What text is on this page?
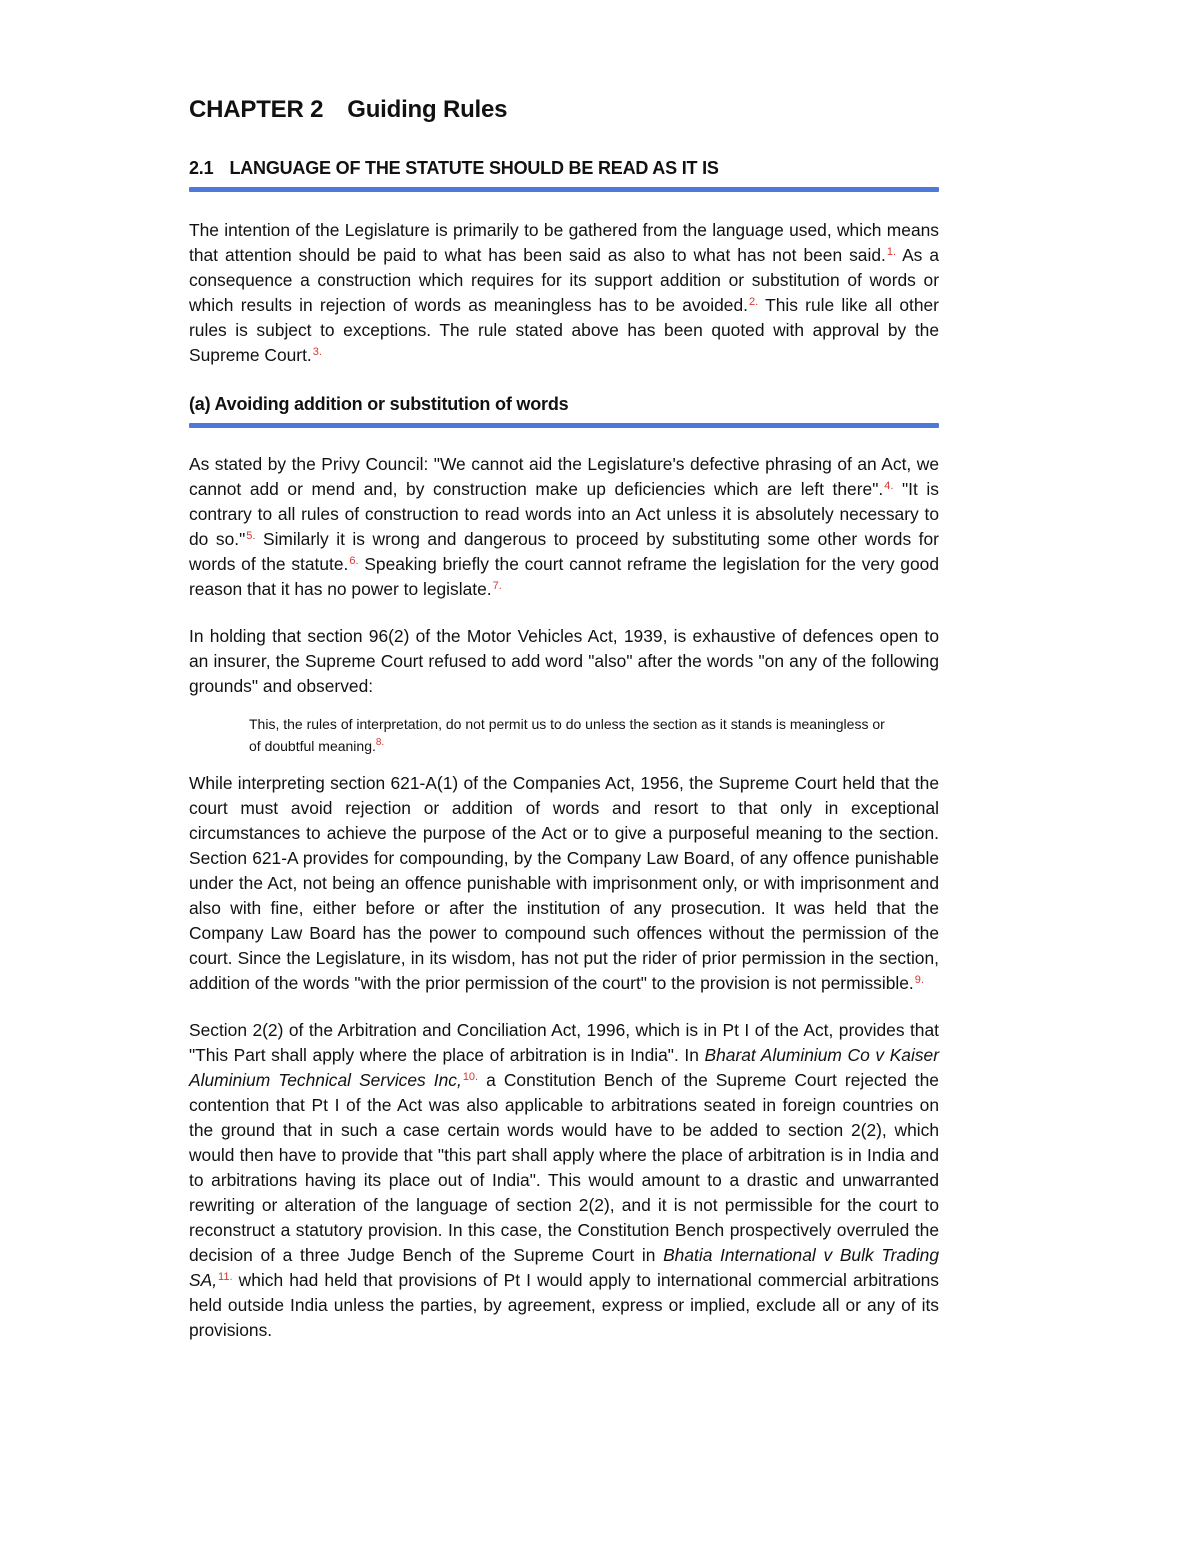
CHAPTER 2 Guiding Rules
2.1 LANGUAGE OF THE STATUTE SHOULD BE READ AS IT IS

The intention of the Legislature is primarily to be gathered from the language used, which means that attention should be paid to what has been said as also to what has not been said.$^{1.}$ As a consequence a construction which requires for its support addition or substitution of words or which results in rejection of words as meaningless has to be avoided.$^{2.}$ This rule like all other rules is subject to exceptions. The rule stated above has been quoted with approval by the Supreme Court.$^{3.}$

(a) Avoiding addition or substitution of words

As stated by the Privy Council: "We cannot aid the Legislature's defective phrasing of an Act, we cannot add or mend and, by construction make up deficiencies which are left there".$^{4.}$ "It is contrary to all rules of construction to read words into an Act unless it is absolutely necessary to do so."$^{5.}$ Similarly it is wrong and dangerous to proceed by substituting some other words for words of the statute.$^{6.}$ Speaking briefly the court cannot reframe the legislation for the very good reason that it has no power to legislate.$^{7.}$

In holding that section 96(2) of the Motor Vehicles Act, 1939, is exhaustive of defences open to an insurer, the Supreme Court refused to add word "also" after the words "on any of the following grounds" and observed:

This, the rules of interpretation, do not permit us to do unless the section as it stands is meaningless or of doubtful meaning.$^{8.}$

While interpreting section 621-A(1) of the Companies Act, 1956, the Supreme Court held that the court must avoid rejection or addition of words and resort to that only in exceptional circumstances to achieve the purpose of the Act or to give a purposeful meaning to the section. Section 621-A provides for compounding, by the Company Law Board, of any offence punishable under the Act, not being an offence punishable with imprisonment only, or with imprisonment and also with fine, either before or after the institution of any prosecution. It was held that the Company Law Board has the power to compound such offences without the permission of the court. Since the Legislature, in its wisdom, has not put the rider of prior permission in the section, addition of the words "with the prior permission of the court" to the provision is not permissible.$^{9.}$

Section 2(2) of the Arbitration and Conciliation Act, 1996, which is in Pt I of the Act, provides that "This Part shall apply where the place of arbitration is in India". In Bharat Aluminium Co v Kaiser Aluminium Technical Services Inc,$^{10.}$ a Constitution Bench of the Supreme Court rejected the contention that Pt I of the Act was also applicable to arbitrations seated in foreign countries on the ground that in such a case certain words would have to be added to section 2(2), which would then have to provide that "this part shall apply where the place of arbitration is in India and to arbitrations having its place out of India". This would amount to a drastic and unwarranted rewriting or alteration of the language of section 2(2), and it is not permissible for the court to reconstruct a statutory provision. In this case, the Constitution Bench prospectively overruled the decision of a three Judge Bench of the Supreme Court in Bhatia International v Bulk Trading SA,$^{11.}$ which had held that provisions of Pt I would apply to international commercial arbitrations held outside India unless the parties, by agreement, express or implied, exclude all or any of its provisions.
